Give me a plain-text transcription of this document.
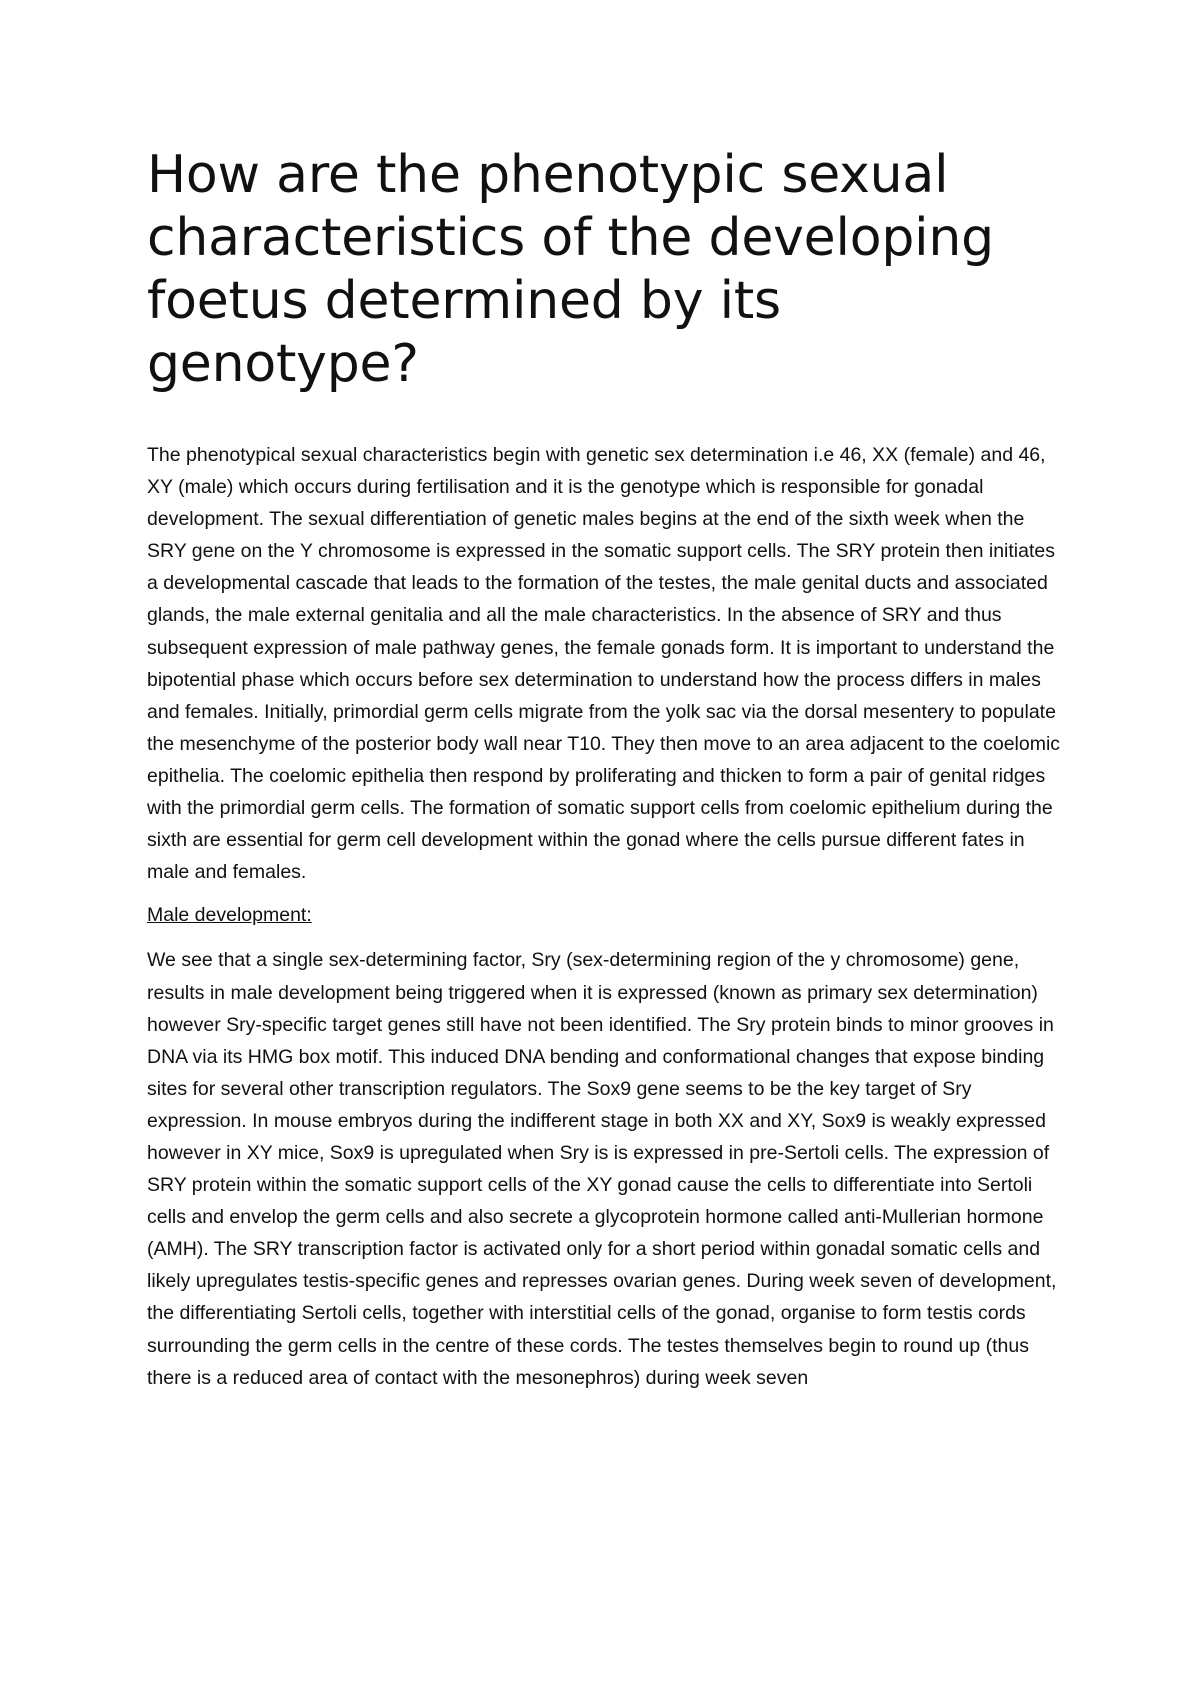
How are the phenotypic sexual characteristics of the developing foetus determined by its genotype?

The phenotypical sexual characteristics begin with genetic sex determination i.e 46, XX (female) and 46, XY (male) which occurs during fertilisation and it is the genotype which is responsible for gonadal development. The sexual differentiation of genetic males begins at the end of the sixth week when the SRY gene on the Y chromosome is expressed in the somatic support cells. The SRY protein then initiates a developmental cascade that leads to the formation of the testes, the male genital ducts and associated glands, the male external genitalia and all the male characteristics. In the absence of SRY and thus subsequent expression of male pathway genes, the female gonads form. It is important to understand the bipotential phase which occurs before sex determination to understand how the process differs in males and females. Initially, primordial germ cells migrate from the yolk sac via the dorsal mesentery to populate the mesenchyme of the posterior body wall near T10. They then move to an area adjacent to the coelomic epithelia. The coelomic epithelia then respond by proliferating and thicken to form a pair of genital ridges with the primordial germ cells. The formation of somatic support cells from coelomic epithelium during the sixth are essential for germ cell development within the gonad where the cells pursue different fates in male and females.

Male development:

We see that a single sex-determining factor, Sry (sex-determining region of the y chromosome) gene, results in male development being triggered when it is expressed (known as primary sex determination) however Sry-specific target genes still have not been identified. The Sry protein binds to minor grooves in DNA via its HMG box motif. This induced DNA bending and conformational changes that expose binding sites for several other transcription regulators. The Sox9 gene seems to be the key target of Sry expression. In mouse embryos during the indifferent stage in both XX and XY, Sox9 is weakly expressed however in XY mice, Sox9 is upregulated when Sry is is expressed in pre-Sertoli cells. The expression of SRY protein within the somatic support cells of the XY gonad cause the cells to differentiate into Sertoli cells and envelop the germ cells and also secrete a glycoprotein hormone called anti-Mullerian hormone (AMH). The SRY transcription factor is activated only for a short period within gonadal somatic cells and likely upregulates testis-specific genes and represses ovarian genes. During week seven of development, the differentiating Sertoli cells, together with interstitial cells of the gonad, organise to form testis cords surrounding the germ cells in the centre of these cords. The testes themselves begin to round up (thus there is a reduced area of contact with the mesonephros) during week seven
